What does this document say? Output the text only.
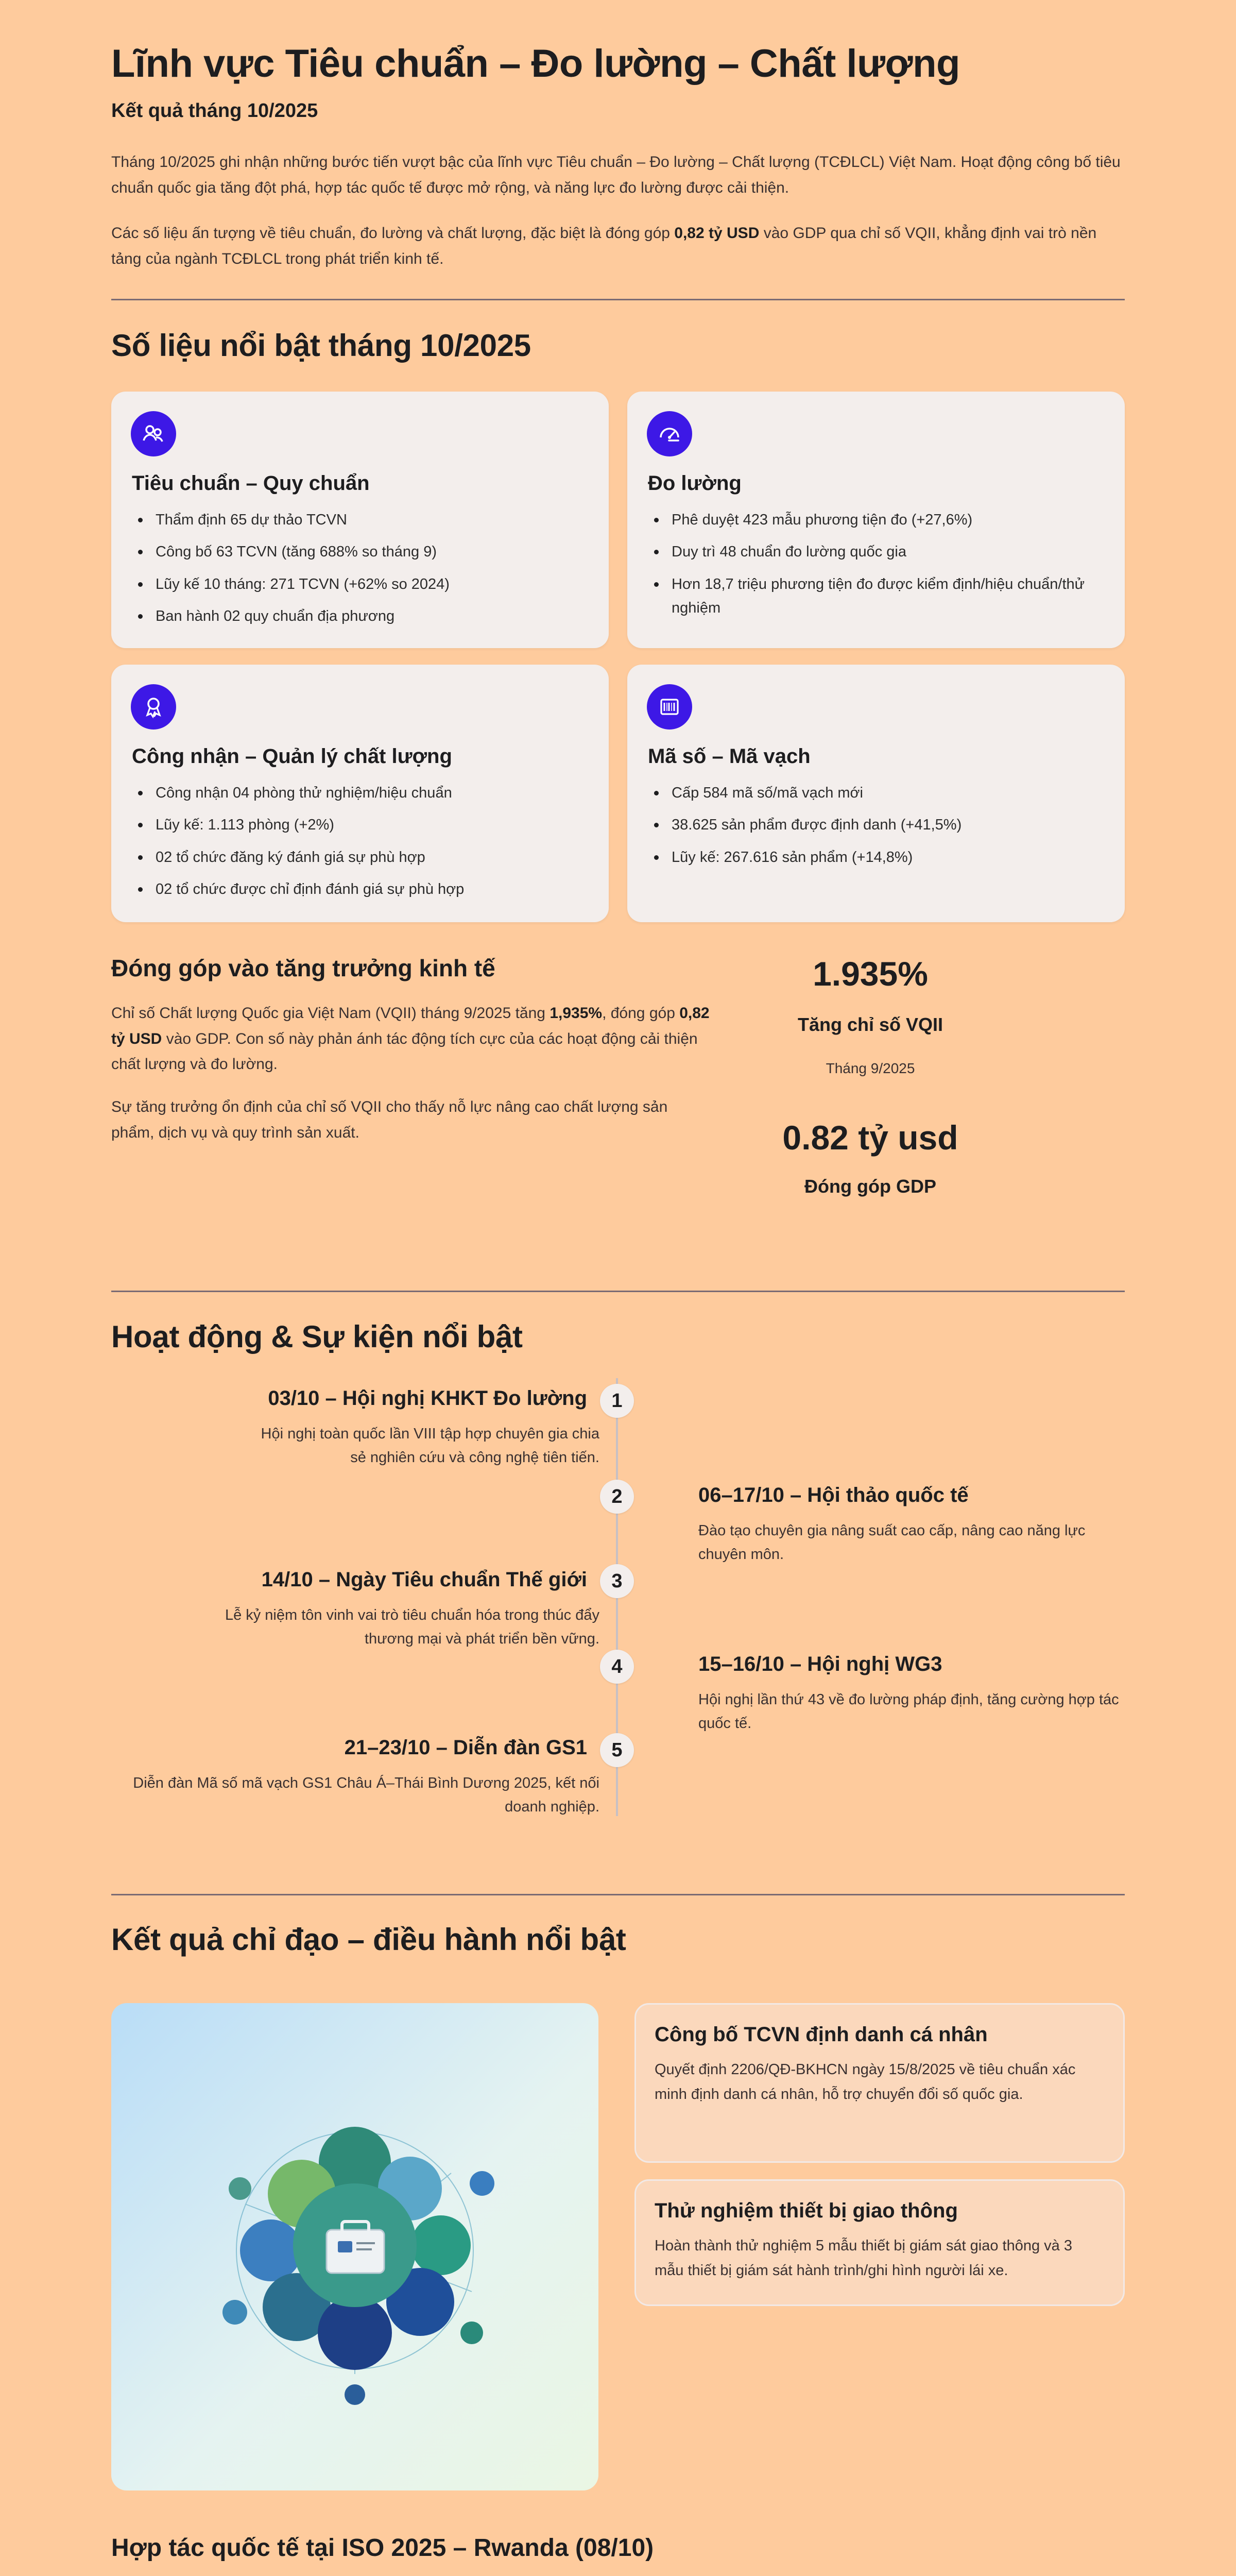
Lĩnh vực Tiêu chuẩn – Đo lường – Chất lượng

Kết quả tháng 10/2025

Tháng 10/2025 ghi nhận những bước tiến vượt bậc của lĩnh vực Tiêu chuẩn – Đo lường – Chất lượng (TCĐLCL) Việt Nam. Hoạt động công bố tiêu chuẩn quốc gia tăng đột phá, hợp tác quốc tế được mở rộng, và năng lực đo lường được cải thiện.

Các số liệu ấn tượng về tiêu chuẩn, đo lường và chất lượng, đặc biệt là đóng góp 0,82 tỷ USD vào GDP qua chỉ số VQII, khẳng định vai trò nền tảng của ngành TCĐLCL trong phát triển kinh tế.

Số liệu nổi bật tháng 10/2025
Tiêu chuẩn – Quy chuẩn
Thẩm định 65 dự thảo TCVN
Công bố 63 TCVN (tăng 688% so tháng 9)
Lũy kế 10 tháng: 271 TCVN (+62% so 2024)
Ban hành 02 quy chuẩn địa phương
Đo lường
Phê duyệt 423 mẫu phương tiện đo (+27,6%)
Duy trì 48 chuẩn đo lường quốc gia
Hơn 18,7 triệu phương tiện đo được kiểm định/hiệu chuẩn/thử nghiệm
Công nhận – Quản lý chất lượng
Công nhận 04 phòng thử nghiệm/hiệu chuẩn
Lũy kế: 1.113 phòng (+2%)
02 tổ chức đăng ký đánh giá sự phù hợp
02 tổ chức được chỉ định đánh giá sự phù hợp
Mã số – Mã vạch
Cấp 584 mã số/mã vạch mới
38.625 sản phẩm được định danh (+41,5%)
Lũy kế: 267.616 sản phẩm (+14,8%)
Đóng góp vào tăng trưởng kinh tế

Chỉ số Chất lượng Quốc gia Việt Nam (VQII) tháng 9/2025 tăng 1,935%, đóng góp 0,82 tỷ USD vào GDP. Con số này phản ánh tác động tích cực của các hoạt động cải thiện chất lượng và đo lường.

Sự tăng trưởng ổn định của chỉ số VQII cho thấy nỗ lực nâng cao chất lượng sản phẩm, dịch vụ và quy trình sản xuất.

1.935%
Tăng chỉ số VQII
Tháng 9/2025
0.82 tỷ usd
Đóng góp GDP
Hoạt động & Sự kiện nổi bật
1
03/10 – Hội nghị KHKT Đo lường

Hội nghị toàn quốc lần VIII tập hợp chuyên gia chia sẻ nghiên cứu và công nghệ tiên tiến.

2	06–17/10 – Hội thảo quốc tế

Đào tạo chuyên gia nâng suất cao cấp, nâng cao năng lực chuyên môn.

3
14/10 – Ngày Tiêu chuẩn Thế giới

Lễ kỷ niệm tôn vinh vai trò tiêu chuẩn hóa trong thúc đẩy thương mại và phát triển bền vững.

4	15–16/10 – Hội nghị WG3

Hội nghị lần thứ 43 về đo lường pháp định, tăng cường hợp tác quốc tế.

5
21–23/10 – Diễn đàn GS1

Diễn đàn Mã số mã vạch GS1 Châu Á–Thái Bình Dương 2025, kết nối doanh nghiệp.

Kết quả chỉ đạo – điều hành nổi bật
Công bố TCVN định danh cá nhân

Quyết định 2206/QĐ-BKHCN ngày 15/8/2025 về tiêu chuẩn xác minh định danh cá nhân, hỗ trợ chuyển đổi số quốc gia.

Thử nghiệm thiết bị giao thông

Hoàn thành thử nghiệm 5 mẫu thiết bị giám sát giao thông và 3 mẫu thiết bị giám sát hành trình/ghi hình người lái xe.

Hợp tác quốc tế tại ISO 2025 – Rwanda (08/10)
